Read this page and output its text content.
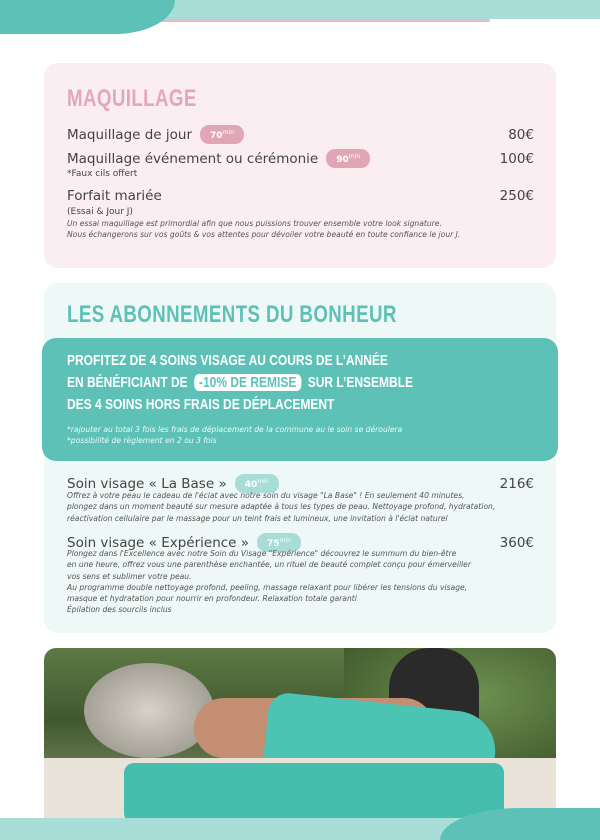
MAQUILLAGE
Maquillage de jour	$70^{min}$	80€
Maquillage événement ou cérémonie	$90^{min}$	100€
*Faux cils offert
Forfait mariée	250€
(Essai & Jour J)
Un essai maquillage est primordial afin que nous puissions trouver ensemble votre look signature.
Nous échangerons sur vos goûts & vos attentes pour dévoiler votre beauté en toute confiance le jour J.
LES ABONNEMENTS DU BONHEUR
Soin visage « La Base »	$40^{min}$	216€
Offrez à votre peau le cadeau de l'éclat avec notre soin du visage "La Base" ! En seulement 40 minutes,
plongez dans un moment beauté sur mesure adaptée à tous les types de peau. Nettoyage profond, hydratation,
réactivation cellulaire par le massage pour un teint frais et lumineux, une invitation à l'éclat naturel
Soin visage « Expérience »	$75^{min}$	360€
Plongez dans l'Excellence avec notre Soin du Visage "Expérience" découvrez le summum du bien-être
en une heure, offrez vous une parenthèse enchantée, un rituel de beauté complet conçu pour émerveiller
vos sens et sublimer votre peau.
Au programme double nettoyage profond, peeling, massage relaxant pour libérer les tensions du visage,
masque et hydratation pour nourrir en profondeur. Relaxation totale garanti
Épilation des sourcils inclus
PROFITEZ DE 4 SOINS VISAGE AU COURS DE L’ANNÉE
EN BÉNÉFICIANT DE -10% DE REMISE SUR L’ENSEMBLE
DES 4 SOINS HORS FRAIS DE DÉPLACEMENT
*rajouter au total 3 fois les frais de déplacement de la commune au le soin se déroulera
*possibilité de règlement en 2 ou 3 fois
